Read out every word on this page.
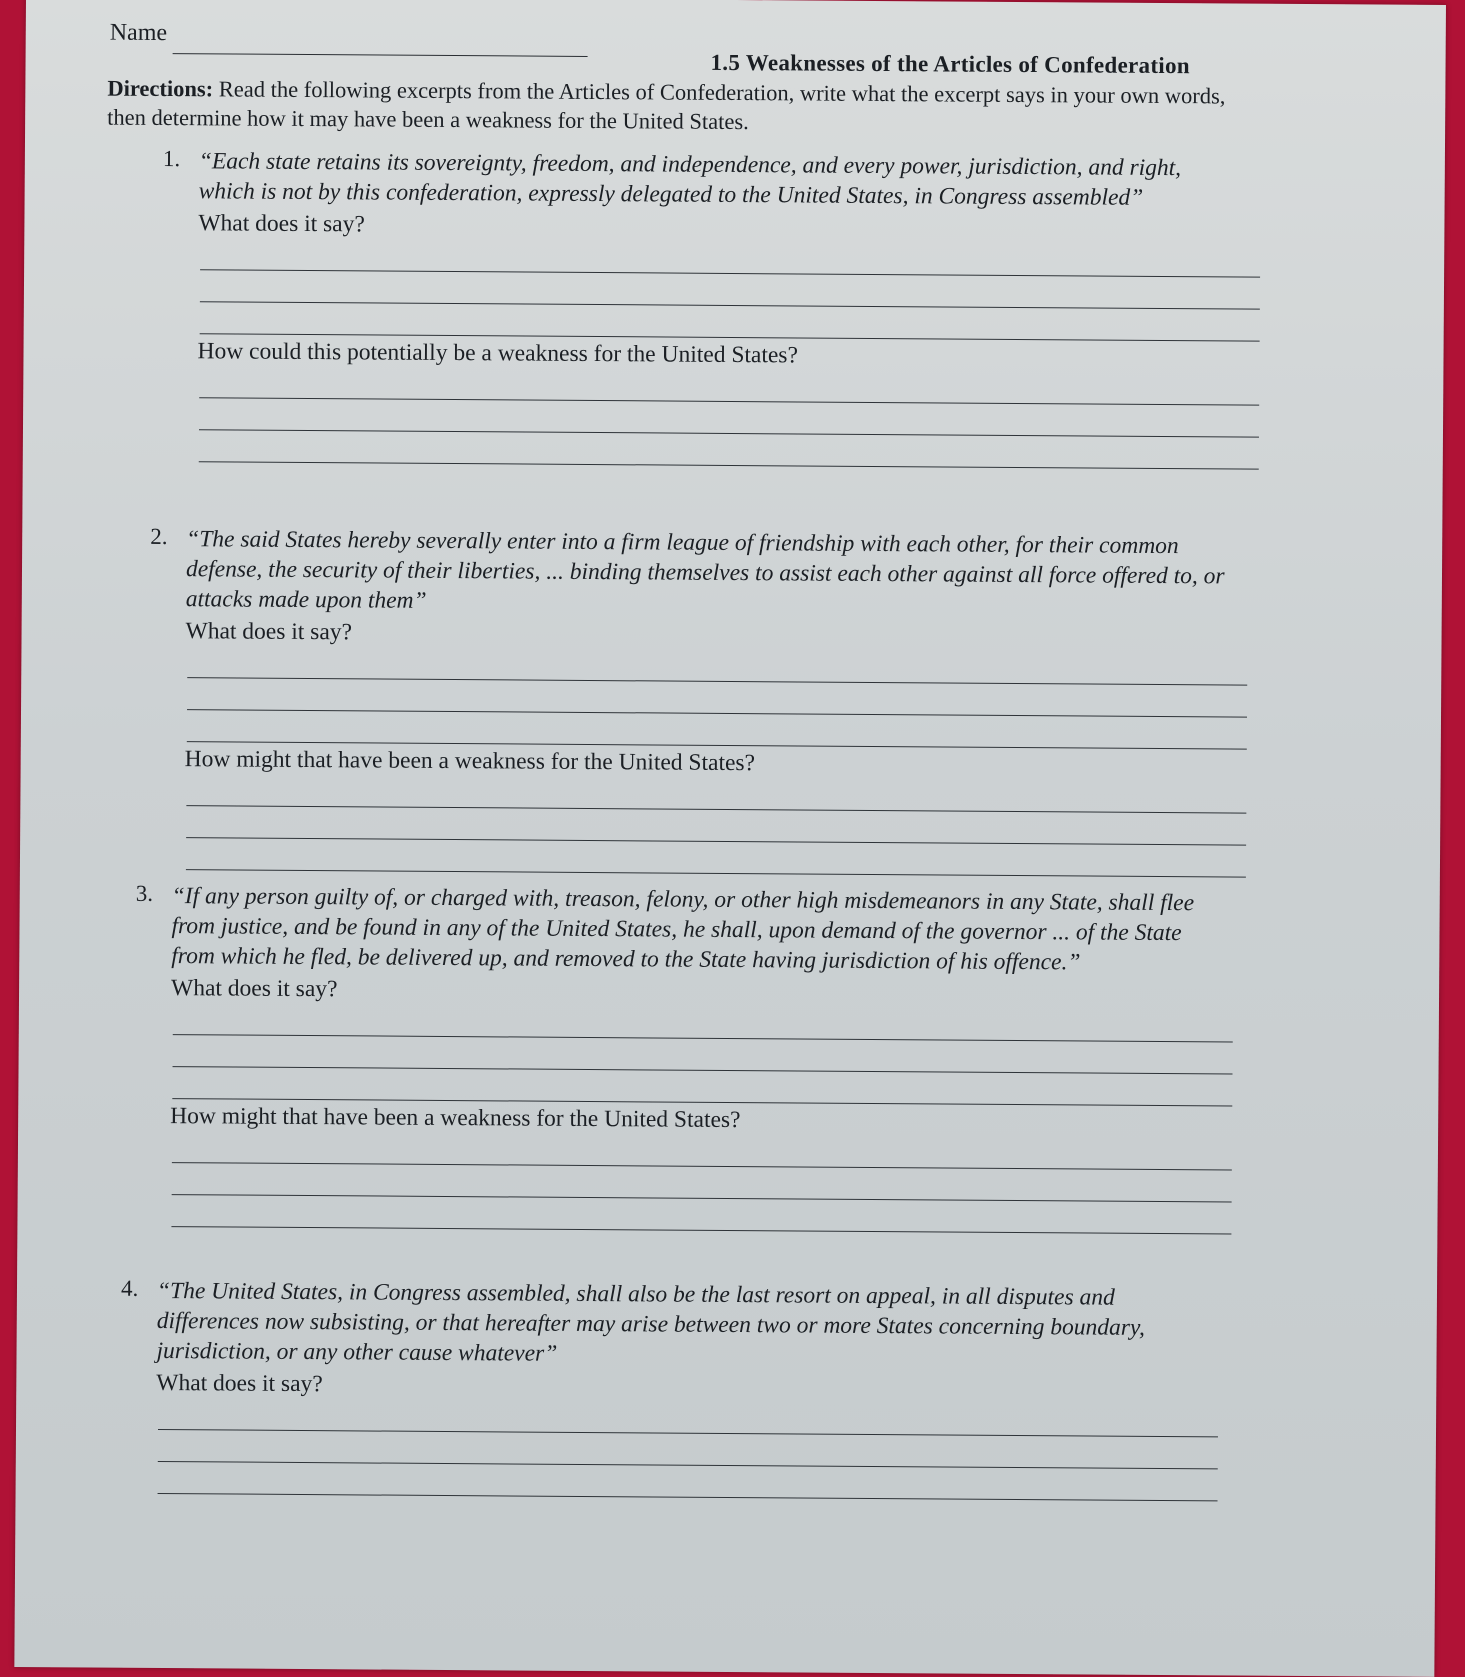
Name
1.5 Weaknesses of the Articles of Confederation
Directions: Read the following excerpts from the Articles of Confederation, write what the excerpt says in your own words, then determine how it may have been a weakness for the United States.
1. “Each state retains its sovereignty, freedom, and independence, and every power, jurisdiction, and right, which is not by this confederation, expressly delegated to the United States, in Congress assembled”
What does it say?
How could this potentially be a weakness for the United States?
2. “The said States hereby severally enter into a firm league of friendship with each other, for their common defense, the security of their liberties, ... binding themselves to assist each other against all force offered to, or attacks made upon them”
What does it say?
How might that have been a weakness for the United States?
3. “If any person guilty of, or charged with, treason, felony, or other high misdemeanors in any State, shall flee from justice, and be found in any of the United States, he shall, upon demand of the governor ... of the State from which he fled, be delivered up, and removed to the State having jurisdiction of his offence.”
What does it say?
How might that have been a weakness for the United States?
4. “The United States, in Congress assembled, shall also be the last resort on appeal, in all disputes and differences now subsisting, or that hereafter may arise between two or more States concerning boundary, jurisdiction, or any other cause whatever”
What does it say?
